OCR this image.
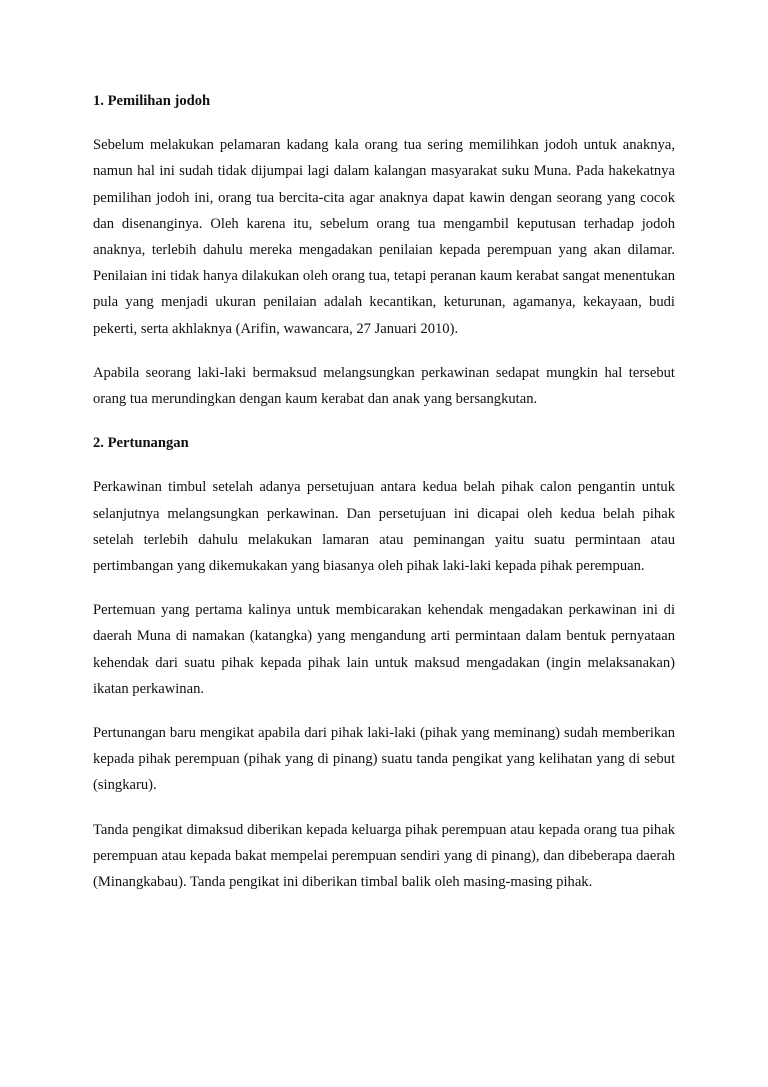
1. Pemilihan jodoh
Sebelum melakukan pelamaran kadang kala orang tua sering memilihkan jodoh untuk anaknya, namun hal ini sudah tidak dijumpai lagi dalam kalangan masyarakat suku Muna. Pada hakekatnya pemilihan jodoh ini, orang tua bercita-cita agar anaknya dapat kawin dengan seorang yang cocok dan disenanginya. Oleh karena itu, sebelum orang tua mengambil keputusan terhadap jodoh anaknya, terlebih dahulu mereka mengadakan penilaian kepada perempuan yang akan dilamar. Penilaian ini tidak hanya dilakukan oleh orang tua, tetapi peranan kaum kerabat sangat menentukan pula yang menjadi ukuran penilaian adalah kecantikan, keturunan, agamanya, kekayaan, budi pekerti, serta akhlaknya (Arifin, wawancara, 27 Januari 2010).
Apabila seorang laki-laki bermaksud melangsungkan perkawinan sedapat mungkin hal tersebut orang tua merundingkan dengan kaum kerabat dan anak yang bersangkutan.
2. Pertunangan
Perkawinan timbul setelah adanya persetujuan antara kedua belah pihak calon pengantin untuk selanjutnya melangsungkan perkawinan. Dan persetujuan ini dicapai oleh kedua belah pihak setelah terlebih dahulu melakukan lamaran atau peminangan yaitu suatu permintaan atau pertimbangan yang dikemukakan yang biasanya oleh pihak laki-laki kepada pihak perempuan.
Pertemuan yang pertama kalinya untuk membicarakan kehendak mengadakan perkawinan ini di daerah Muna di namakan (katangka) yang mengandung arti permintaan dalam bentuk pernyataan kehendak dari suatu pihak kepada pihak lain untuk maksud mengadakan (ingin melaksanakan) ikatan perkawinan.
Pertunangan baru mengikat apabila dari pihak laki-laki (pihak yang meminang) sudah memberikan kepada pihak perempuan (pihak yang di pinang) suatu tanda pengikat yang kelihatan yang di sebut (singkaru).
Tanda pengikat dimaksud diberikan kepada keluarga pihak perempuan atau kepada orang tua pihak perempuan atau kepada bakat mempelai perempuan sendiri yang di pinang), dan dibeberapa daerah (Minangkabau). Tanda pengikat ini diberikan timbal balik oleh masing-masing pihak.
